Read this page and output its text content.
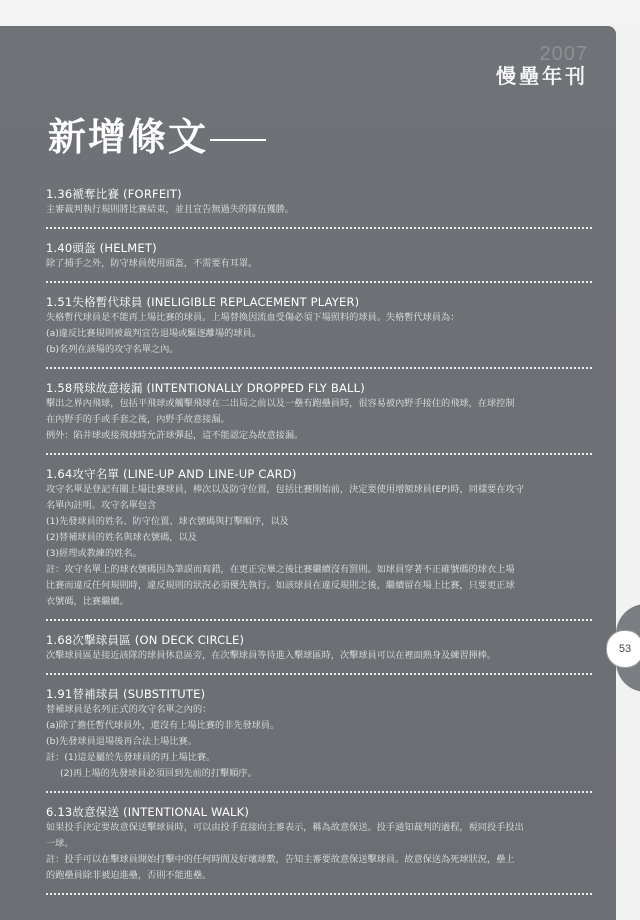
53
2007
慢壘年刊
新增條文
1.36褫奪比賽 (FORFEIT)
主審裁判執行規則將比賽結束，並且宣告無過失的隊伍獲勝。
1.40頭盔 (HELMET)
除了捕手之外，防守球員使用頭盔，不需要有耳罩。
1.51失格暫代球員 (INELIGIBLE REPLACEMENT PLAYER)
失格暫代球員是不能再上場比賽的球員。上場替換因流血受傷必須下場照料的球員。失格暫代球員為：
(a)違反比賽規則被裁判宣告退場或驅逐離場的球員。
(b)名列在該場的攻守名單之內。
1.58飛球故意接漏 (INTENTIONALLY DROPPED FLY BALL)
擊出之界內飛球，包括平飛球或觸擊飛球在二出局之前以及一壘有跑壘員時，很容易被內野手接住的飛球，在球控制
在內野手的手或手套之後，內野手故意接漏。
例外：陷井球或接飛球時允許球彈起，這不能認定為故意接漏。
1.64攻守名單 (LINE-UP AND LINE-UP CARD)
攻守名單是登記有關上場比賽球員，棒次以及防守位置，包括比賽開始前，決定要使用增額球員(EP)時，同樣要在攻守
名單內註明。攻守名單包含
(1)先發球員的姓名、防守位置、球衣號碼與打擊順序，以及
(2)替補球員的姓名與球衣號碼，以及
(3)經理或教練的姓名。
註：攻守名單上的球衣號碼因為筆誤而寫錯，在更正完畢之後比賽繼續沒有罰則。如球員穿著不正確號碼的球衣上場
比賽而違反任何規則時，違反規則的狀況必須優先執行。如該球員在違反規則之後，繼續留在場上比賽，只要更正球
衣號碼，比賽繼續。
1.68次擊球員區 (ON DECK CIRCLE)
次擊球員區是接近該隊的球員休息區旁，在次擊球員等待進入擊球區時，次擊球員可以在裡面熱身及練習揮棒。
1.91替補球員 (SUBSTITUTE)
替補球員是名列正式的攻守名單之內的：
(a)除了擔任暫代球員外，還沒有上場比賽的非先發球員。
(b)先發球員退場後再合法上場比賽。
註：(1)這是屬於先發球員的再上場比賽。
(2)再上場的先發球員必須回到先前的打擊順序。
6.13故意保送 (INTENTIONAL WALK)
如果投手決定要故意保送擊球員時，可以由投手直接向主審表示，稱為故意保送。投手通知裁判的過程，視同投手投出
一球。
註：投手可以在擊球員開始打擊中的任何時間及好壞球數，告知主審要故意保送擊球員。故意保送為死球狀況，壘上
的跑壘員除非被迫進壘，否則不能進壘。
